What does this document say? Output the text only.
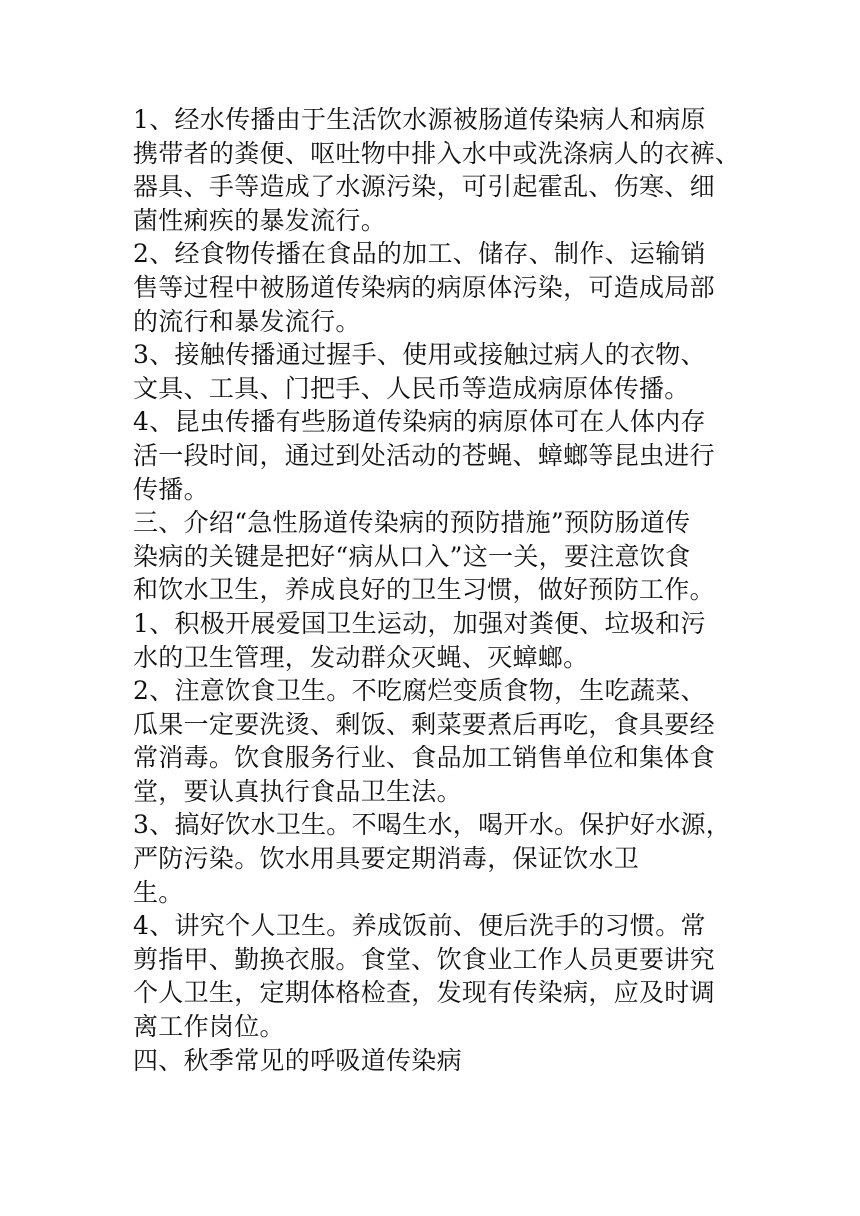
1、经水传播由于生活饮水源被肠道传染病人和病原
携带者的粪便、呕吐物中排入水中或洗涤病人的衣裤、
器具、手等造成了水源污染，可引起霍乱、伤寒、细
菌性痢疾的暴发流行。
2、经食物传播在食品的加工、储存、制作、运输销
售等过程中被肠道传染病的病原体污染，可造成局部
的流行和暴发流行。
3、接触传播通过握手、使用或接触过病人的衣物、
文具、工具、门把手、人民币等造成病原体传播。
4、昆虫传播有些肠道传染病的病原体可在人体内存
活一段时间，通过到处活动的苍蝇、蟑螂等昆虫进行
传播。
三、介绍“急性肠道传染病的预防措施”预防肠道传
染病的关键是把好“病从口入”这一关，要注意饮食
和饮水卫生，养成良好的卫生习惯，做好预防工作。
1、积极开展爱国卫生运动，加强对粪便、垃圾和污
水的卫生管理，发动群众灭蝇、灭蟑螂。
2、注意饮食卫生。不吃腐烂变质食物，生吃蔬菜、
瓜果一定要洗烫、剩饭、剩菜要煮后再吃，食具要经
常消毒。饮食服务行业、食品加工销售单位和集体食
堂，要认真执行食品卫生法。
3、搞好饮水卫生。不喝生水，喝开水。保护好水源，
严防污染。饮水用具要定期消毒，保证饮水卫
生。
4、讲究个人卫生。养成饭前、便后洗手的习惯。常
剪指甲、勤换衣服。食堂、饮食业工作人员更要讲究
个人卫生，定期体格检查，发现有传染病，应及时调
离工作岗位。
四、秋季常见的呼吸道传染病
